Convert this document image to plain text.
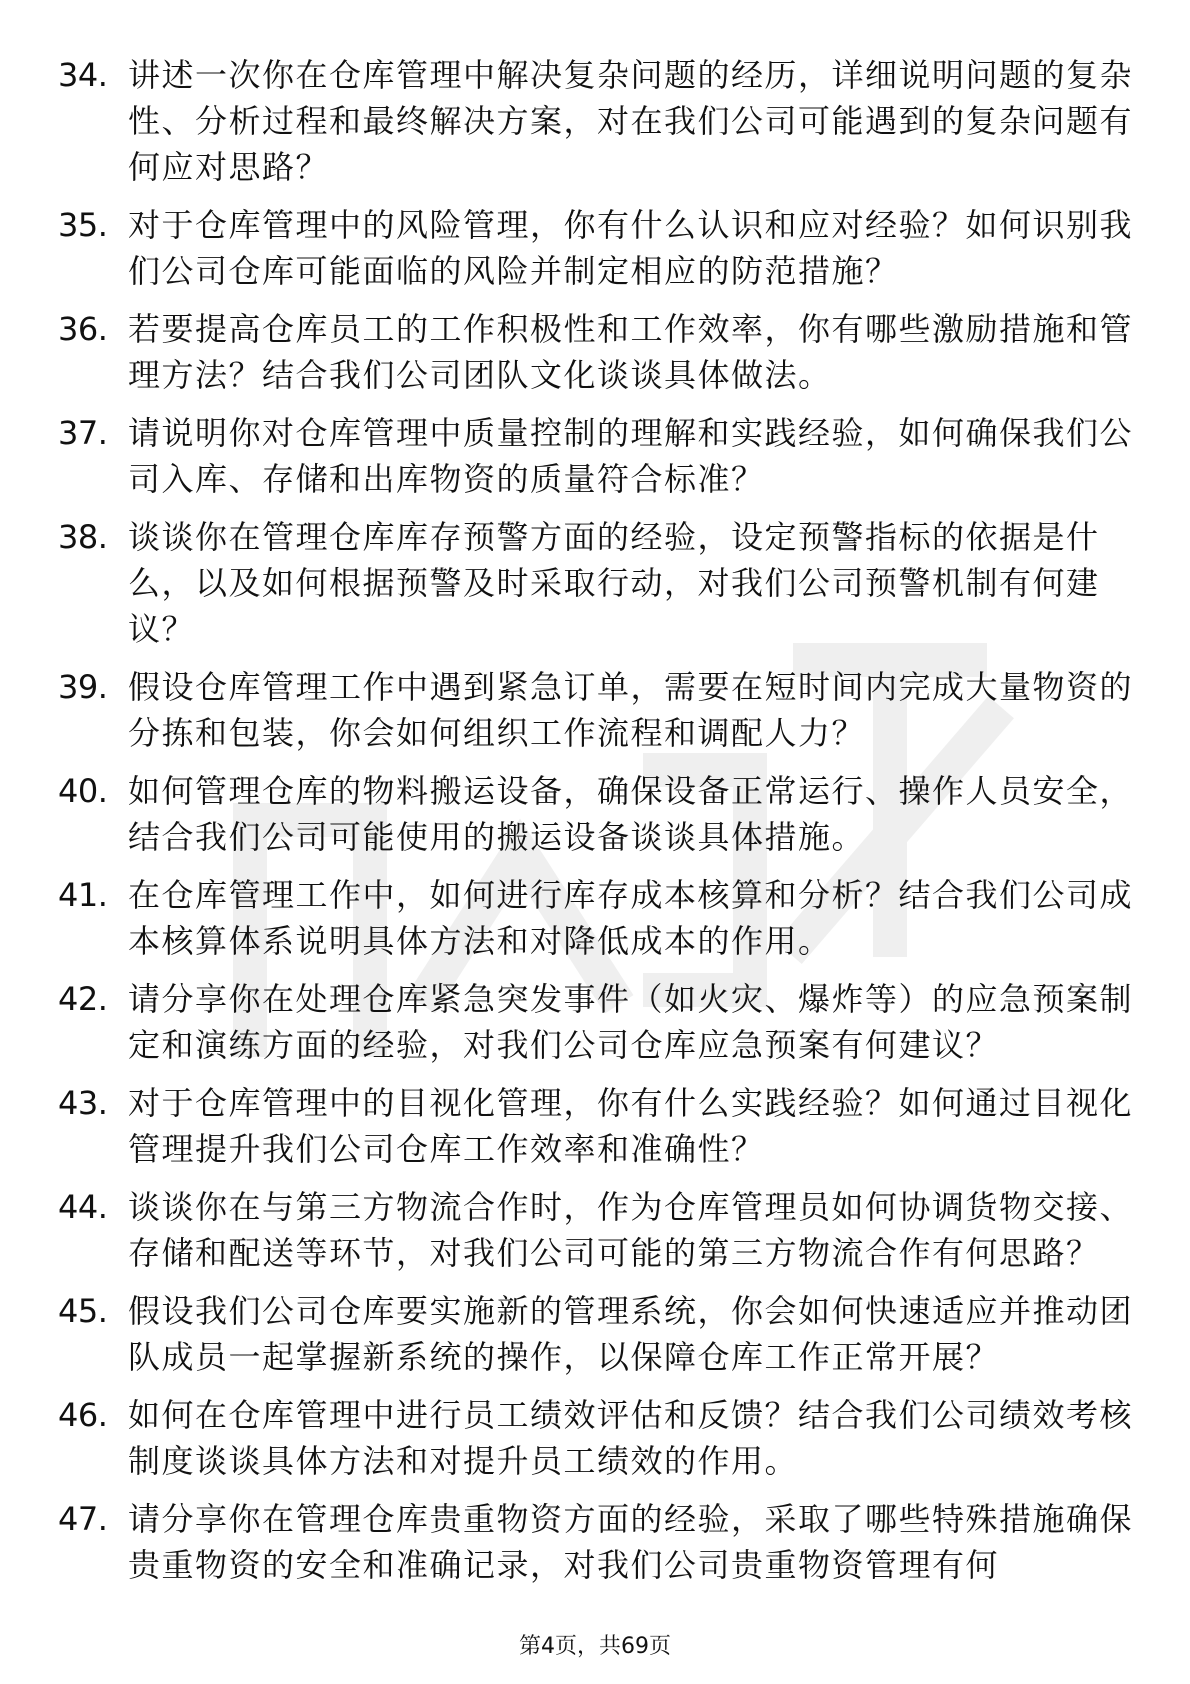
34. 讲述一次你在仓库管理中解决复杂问题的经历，详细说明问题的复杂性、分析过程和最终解决方案，对在我们公司可能遇到的复杂问题有何应对思路？
35. 对于仓库管理中的风险管理，你有什么认识和应对经验？如何识别我们公司仓库可能面临的风险并制定相应的防范措施？
36. 若要提高仓库员工的工作积极性和工作效率，你有哪些激励措施和管理方法？结合我们公司团队文化谈谈具体做法。
37. 请说明你对仓库管理中质量控制的理解和实践经验，如何确保我们公司入库、存储和出库物资的质量符合标准？
38. 谈谈你在管理仓库库存预警方面的经验，设定预警指标的依据是什么，以及如何根据预警及时采取行动，对我们公司预警机制有何建议？
39. 假设仓库管理工作中遇到紧急订单，需要在短时间内完成大量物资的分拣和包装，你会如何组织工作流程和调配人力？
40. 如何管理仓库的物料搬运设备，确保设备正常运行、操作人员安全，结合我们公司可能使用的搬运设备谈谈具体措施。
41. 在仓库管理工作中，如何进行库存成本核算和分析？结合我们公司成本核算体系说明具体方法和对降低成本的作用。
42. 请分享你在处理仓库紧急突发事件（如火灾、爆炸等）的应急预案制定和演练方面的经验，对我们公司仓库应急预案有何建议？
43. 对于仓库管理中的目视化管理，你有什么实践经验？如何通过目视化管理提升我们公司仓库工作效率和准确性？
44. 谈谈你在与第三方物流合作时，作为仓库管理员如何协调货物交接、存储和配送等环节，对我们公司可能的第三方物流合作有何思路？
45. 假设我们公司仓库要实施新的管理系统，你会如何快速适应并推动团队成员一起掌握新系统的操作，以保障仓库工作正常开展？
46. 如何在仓库管理中进行员工绩效评估和反馈？结合我们公司绩效考核制度谈谈具体方法和对提升员工绩效的作用。
47. 请分享你在管理仓库贵重物资方面的经验，采取了哪些特殊措施确保贵重物资的安全和准确记录，对我们公司贵重物资管理有何
第4页，共69页
